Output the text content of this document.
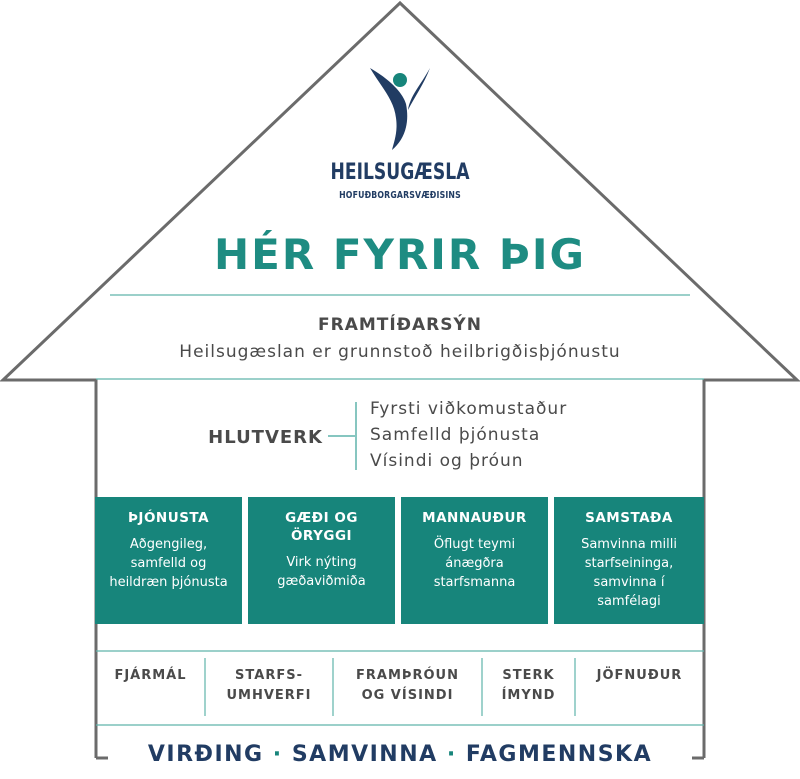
HEILSUGÆSLA
HÖFUÐBORGARSVÆÐISINS
HÉR FYRIR ÞIG
FRAMTÍÐARSÝN
Heilsugæslan er grunnstoð heilbrigðisþjónustu
HLUTVERK
Fyrsti viðkomustaður
Samfelld þjónusta
Vísindi og þróun
ÞJÓNUSTA
Aðgengileg, samfelld og heildræn þjónusta
GÆÐI OG ÖRYGGI
Virk nýting gæðaviðmiða
MANNAUÐUR
Öflugt teymi ánægðra starfsmanna
SAMSTAÐA
Samvinna milli starfseininga, samvinna í samfélagi
FJÁRMÁL	STARFS- UMHVERFI
FRAMÞRÓUN OG VÍSINDI
STERK ÍMYND
JÖFNUÐUR
VIRÐING · SAMVINNA · FAGMENNSKA
